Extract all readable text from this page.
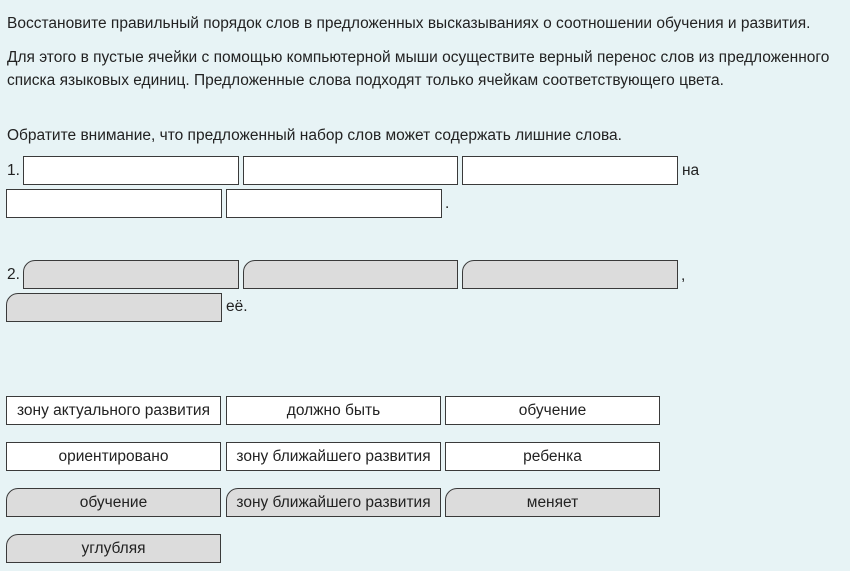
Восстановите правильный порядок слов в предложенных высказываниях о соотношении обучения и развития.

Для этого в пустые ячейки с помощью компьютерной мыши осуществите верный перенос слов из предложенного списка языковых единиц. Предложенные слова подходят только ячейкам соответствующего цвета.

Обратите внимание, что предложенный набор слов может содержать лишние слова.

1.	на
.
2.	,
её.
зону актуального развития	должно быть	обучение
ориентировано	зону ближайшего развития	ребенка
обучение	зону ближайшего развития	меняет
углубляя
